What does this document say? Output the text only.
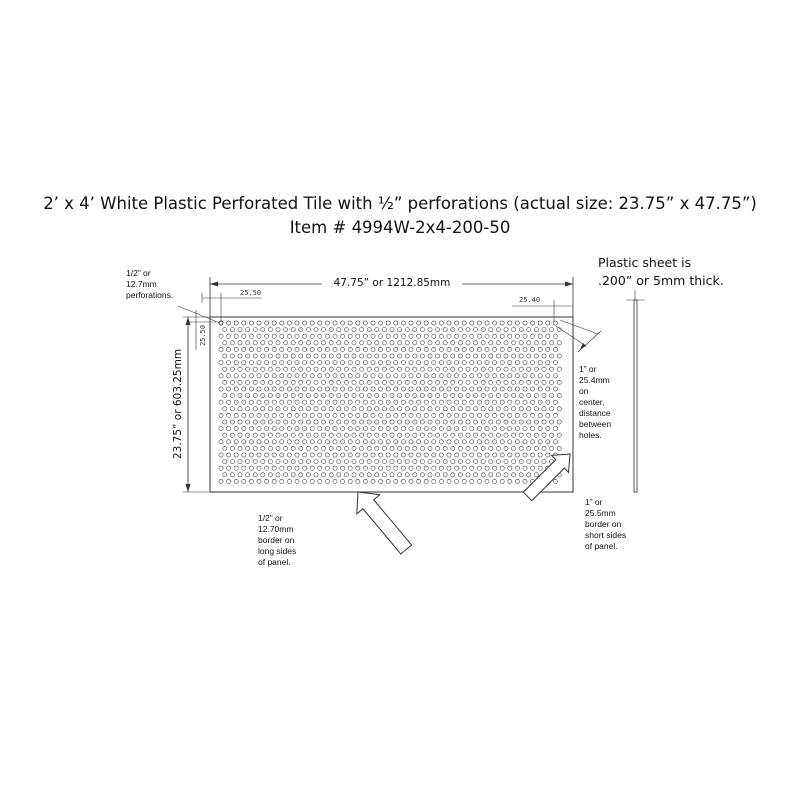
2’ x 4’ White Plastic Perforated Tile with ½” perforations (actual size: 23.75” x 47.75”)
Item # 4994W-2x4-200-50
47.75” or 1212.85mm
25.50
25.40
23.75” or 603.25mm
25.50
1/2” or
12.7mm
perforations.
Plastic sheet is
.200” or 5mm thick.
1” or
25.4mm
on
center,
distance
between
holes.
1/2” or
12.70mm
border on
long sides
of panel.
1” or
25.5mm
border on
short sides
of panel.
